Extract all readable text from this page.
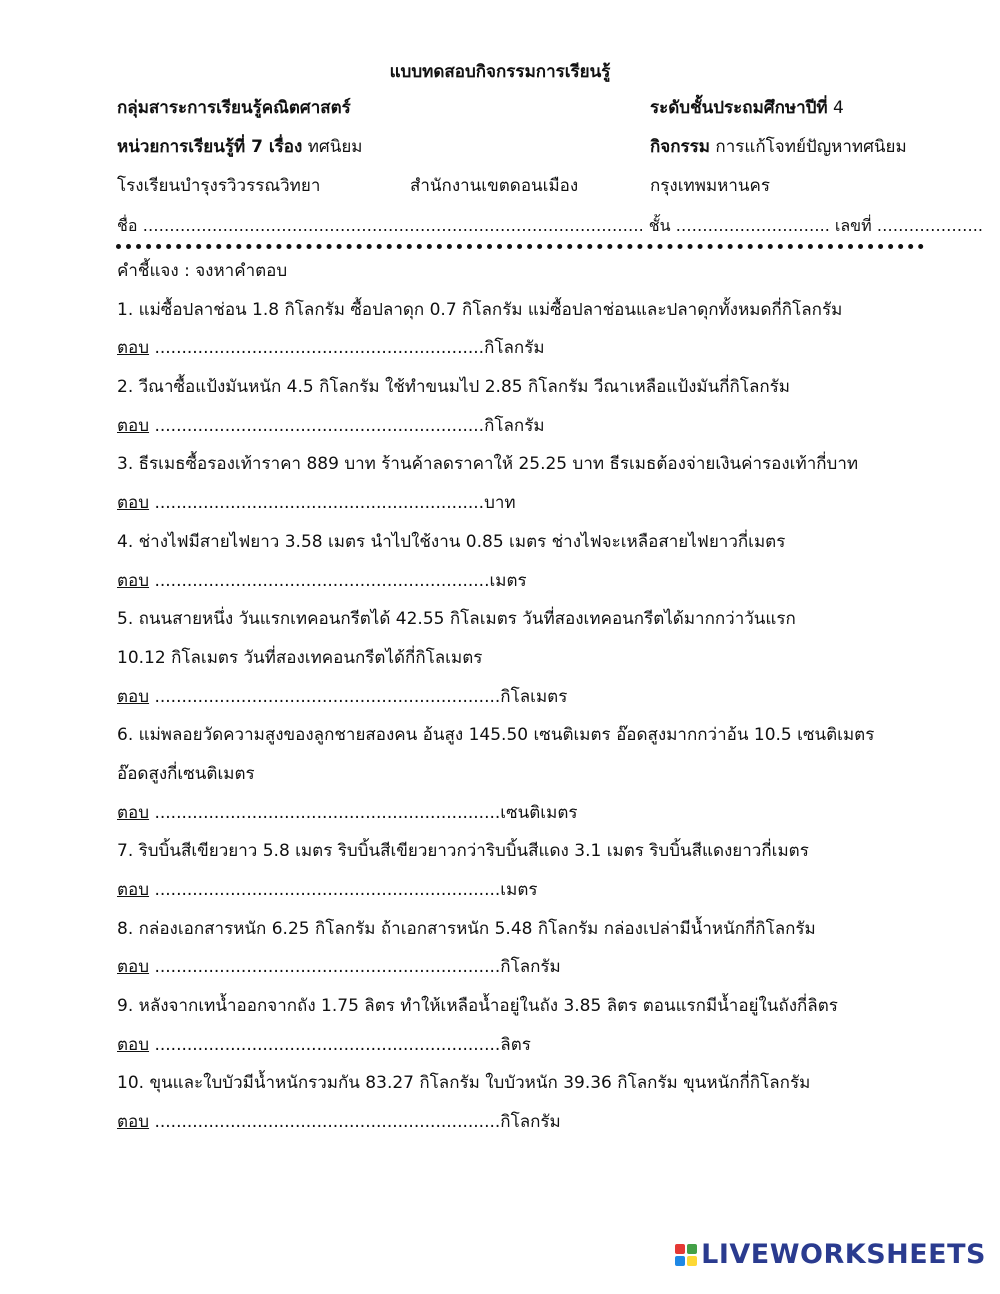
แบบทดสอบกิจกรรมการเรียนรู้
กลุ่มสาระการเรียนรู้คณิตศาสตร์	ระดับชั้นประถมศึกษาปีที่ 4
หน่วยการเรียนรู้ที่ 7 เรื่อง ทศนิยม	กิจกรรม การแก้โจทย์ปัญหาทศนิยม
โรงเรียนบำรุงรวิวรรณวิทยา	สำนักงานเขตดอนเมือง	กรุงเทพมหานคร
ชื่อ …………………………………………………………………………………. ชั้น ……………………….. เลขที่ ………………..
คำชี้แจง : จงหาคำตอบ
1. แม่ซื้อปลาช่อน 1.8 กิโลกรัม ซื้อปลาดุก 0.7 กิโลกรัม แม่ซื้อปลาช่อนและปลาดุกทั้งหมดกี่กิโลกรัม
ตอบ .............................................................กิโลกรัม
2. วีณาซื้อแป้งมันหนัก 4.5 กิโลกรัม ใช้ทำขนมไป 2.85 กิโลกรัม วีณาเหลือแป้งมันกี่กิโลกรัม
ตอบ .............................................................กิโลกรัม
3. ธีรเมธซื้อรองเท้าราคา 889 บาท ร้านค้าลดราคาให้ 25.25 บาท ธีรเมธต้องจ่ายเงินค่ารองเท้ากี่บาท
ตอบ .............................................................บาท
4. ช่างไฟมีสายไฟยาว 3.58 เมตร นำไปใช้งาน 0.85 เมตร ช่างไฟจะเหลือสายไฟยาวกี่เมตร
ตอบ ..............................................................เมตร
5. ถนนสายหนึ่ง วันแรกเทคอนกรีตได้ 42.55 กิโลเมตร วันที่สองเทคอนกรีตได้มากกว่าวันแรก
10.12 กิโลเมตร วันที่สองเทคอนกรีตได้กี่กิโลเมตร
ตอบ ................................................................กิโลเมตร
6. แม่พลอยวัดความสูงของลูกชายสองคน อ้นสูง 145.50 เซนติเมตร อ๊อดสูงมากกว่าอ้น 10.5 เซนติเมตร
อ๊อดสูงกี่เซนติเมตร
ตอบ ................................................................เซนติเมตร
7. ริบบิ้นสีเขียวยาว 5.8 เมตร ริบบิ้นสีเขียวยาวกว่าริบบิ้นสีแดง 3.1 เมตร ริบบิ้นสีแดงยาวกี่เมตร
ตอบ ................................................................เมตร
8. กล่องเอกสารหนัก 6.25 กิโลกรัม ถ้าเอกสารหนัก 5.48 กิโลกรัม กล่องเปล่ามีน้ำหนักกี่กิโลกรัม
ตอบ ................................................................กิโลกรัม
9. หลังจากเทน้ำออกจากถัง 1.75 ลิตร ทำให้เหลือน้ำอยู่ในถัง 3.85 ลิตร ตอนแรกมีน้ำอยู่ในถังกี่ลิตร
ตอบ ................................................................ลิตร
10. ขุนและใบบัวมีน้ำหนักรวมกัน 83.27 กิโลกรัม ใบบัวหนัก 39.36 กิโลกรัม ขุนหนักกี่กิโลกรัม
ตอบ ................................................................กิโลกรัม
LIVEWORKSHEETS
